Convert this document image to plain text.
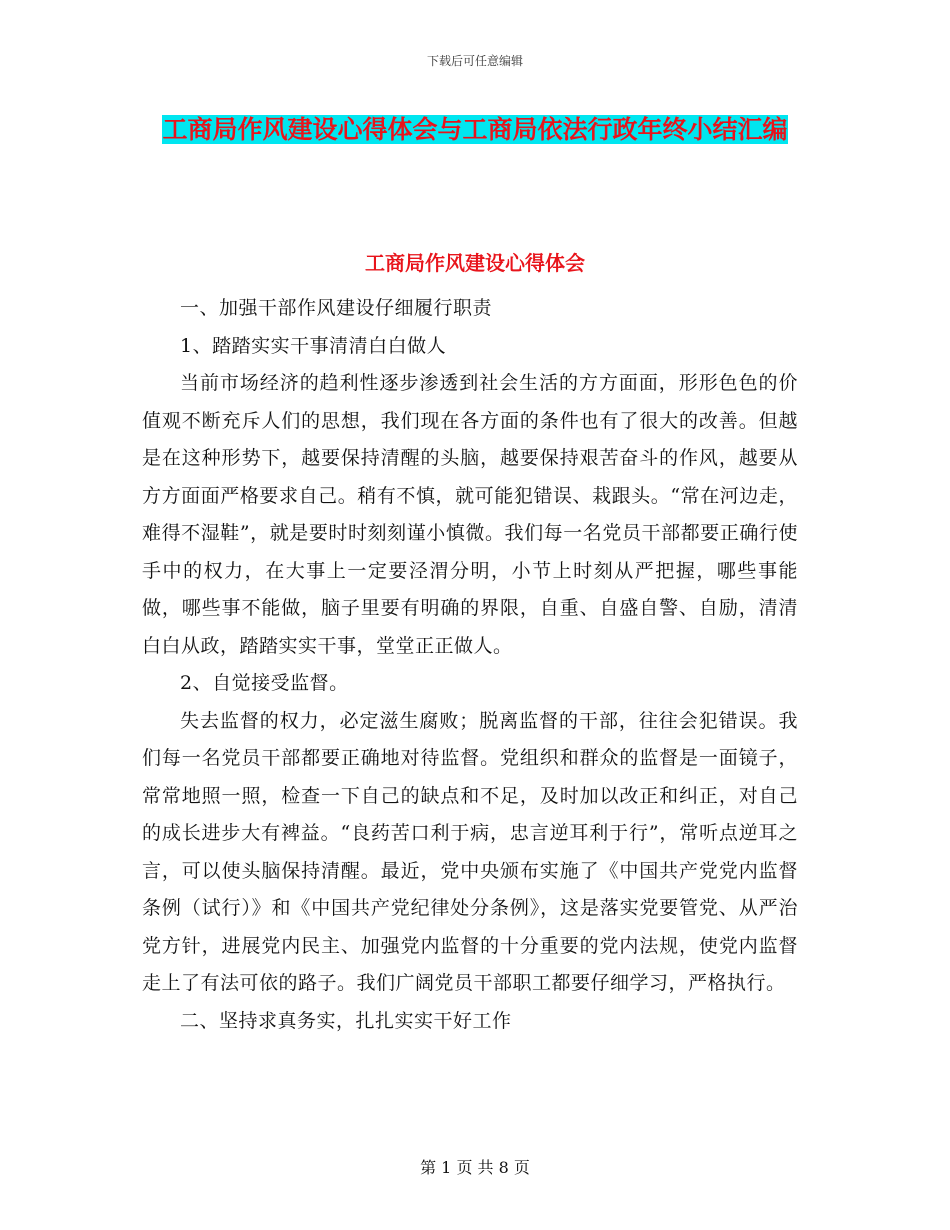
下载后可任意编辑
工商局作风建设心得体会与工商局依法行政年终小结汇编
工商局作风建设心得体会

一、加强干部作风建设仔细履行职责

1、踏踏实实干事清清白白做人

当前市场经济的趋利性逐步渗透到社会生活的方方面面，形形色色的价值观不断充斥人们的思想，我们现在各方面的条件也有了很大的改善。但越是在这种形势下，越要保持清醒的头脑，越要保持艰苦奋斗的作风，越要从方方面面严格要求自己。稍有不慎，就可能犯错误、栽跟头。“常在河边走，难得不湿鞋”，就是要时时刻刻谨小慎微。我们每一名党员干部都要正确行使手中的权力，在大事上一定要泾渭分明，小节上时刻从严把握，哪些事能做，哪些事不能做，脑子里要有明确的界限，自重、自盛自警、自励，清清白白从政，踏踏实实干事，堂堂正正做人。

2、自觉接受监督。

失去监督的权力，必定滋生腐败；脱离监督的干部，往往会犯错误。我们每一名党员干部都要正确地对待监督。党组织和群众的监督是一面镜子，常常地照一照，检查一下自己的缺点和不足，及时加以改正和纠正，对自己的成长进步大有裨益。“良药苦口利于病，忠言逆耳利于行”，常听点逆耳之言，可以使头脑保持清醒。最近，党中央颁布实施了《中国共产党党内监督条例（试行）》和《中国共产党纪律处分条例》，这是落实党要管党、从严治党方针，进展党内民主、加强党内监督的十分重要的党内法规，使党内监督走上了有法可依的路子。我们广阔党员干部职工都要仔细学习，严格执行。

二、坚持求真务实，扎扎实实干好工作

第 1 页 共 8 页
